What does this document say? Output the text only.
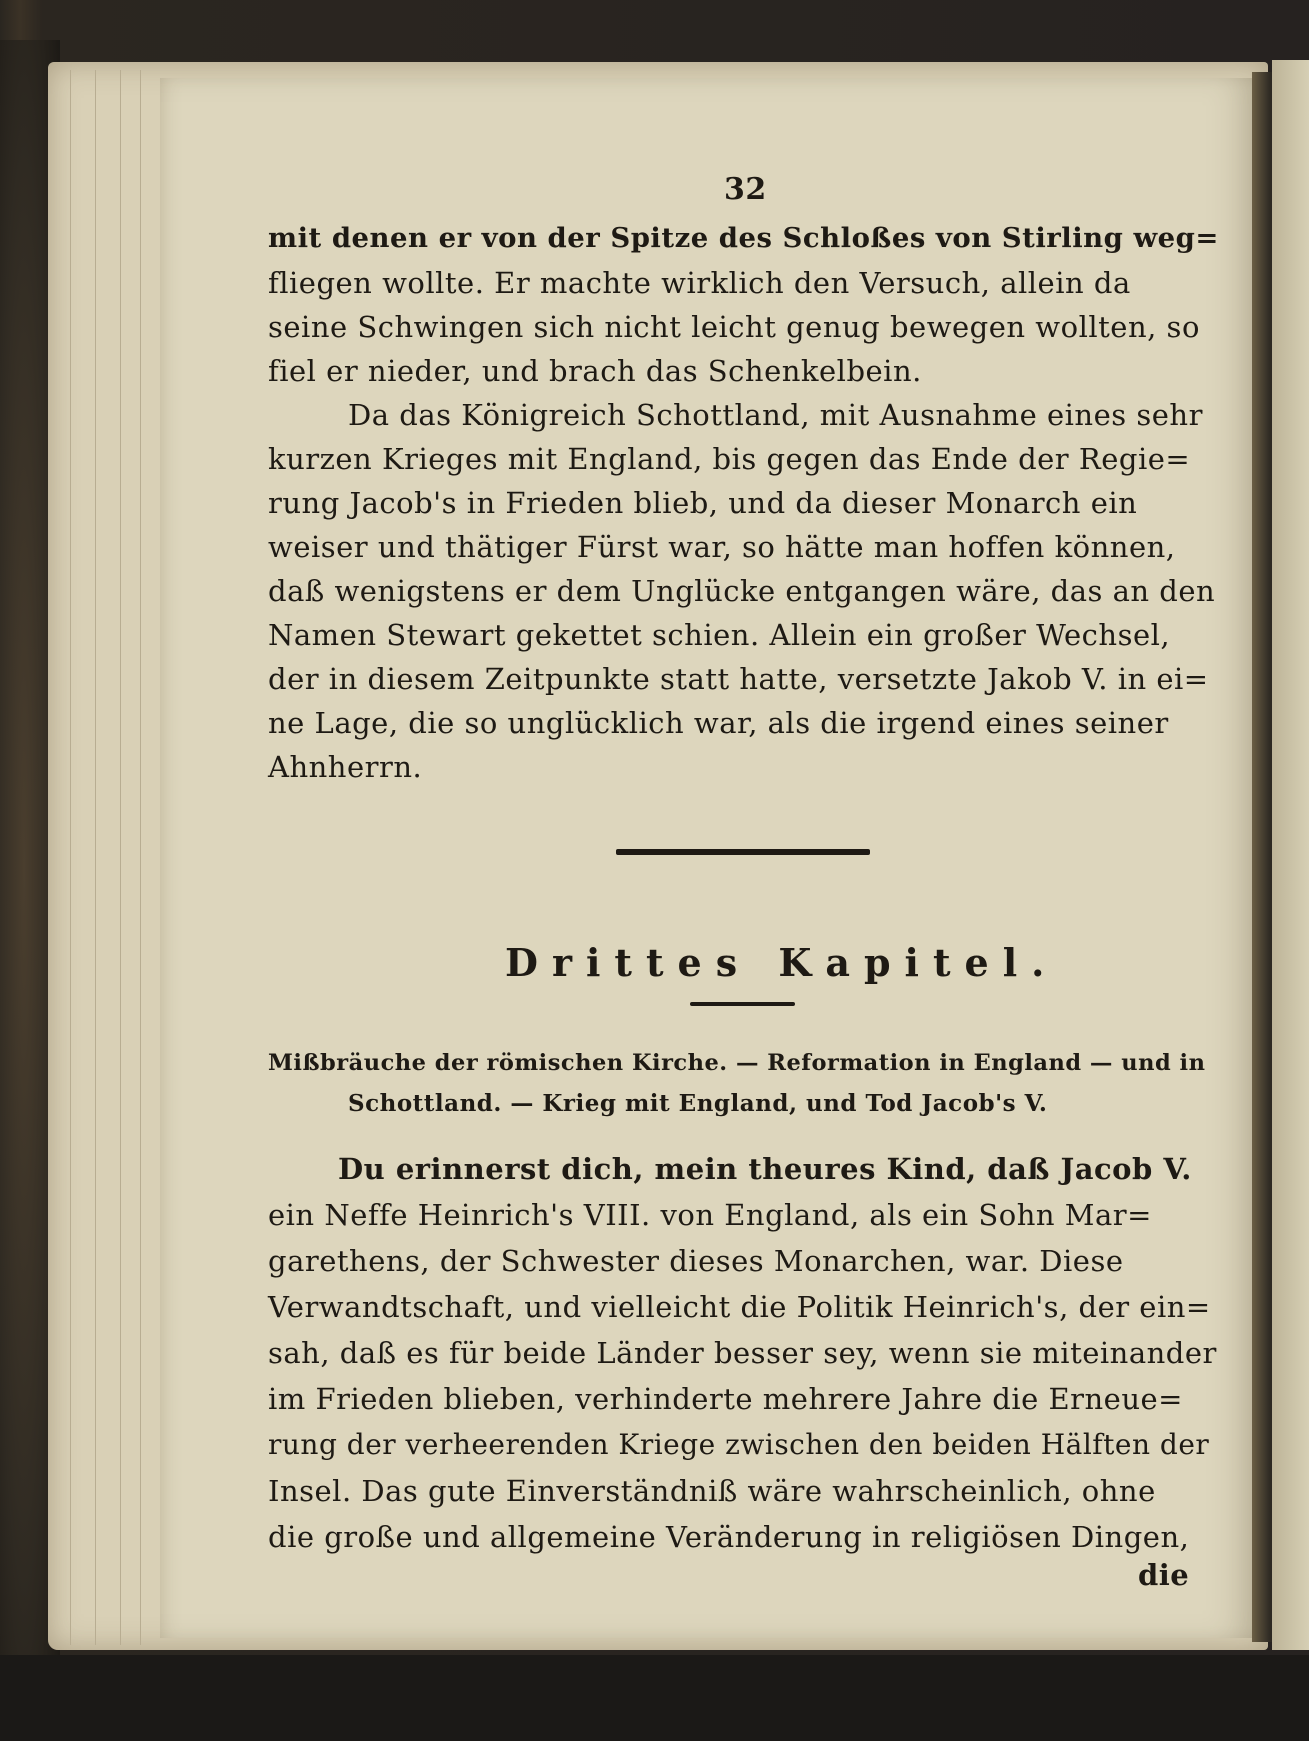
32
mit denen er von der Spitze des Schloßes von Stirling weg=
fliegen wollte. Er machte wirklich den Versuch, allein da
seine Schwingen sich nicht leicht genug bewegen wollten, so
fiel er nieder, und brach das Schenkelbein.
Da das Königreich Schottland, mit Ausnahme eines sehr
kurzen Krieges mit England, bis gegen das Ende der Regie=
rung Jacob's in Frieden blieb, und da dieser Monarch ein
weiser und thätiger Fürst war, so hätte man hoffen können,
daß wenigstens er dem Unglücke entgangen wäre, das an den
Namen Stewart gekettet schien. Allein ein großer Wechsel,
der in diesem Zeitpunkte statt hatte, versetzte Jakob V. in ei=
ne Lage, die so unglücklich war, als die irgend eines seiner
Ahnherrn.
Drittes Kapitel.
Mißbräuche der römischen Kirche. — Reformation in England — und in
Schottland. — Krieg mit England, und Tod Jacob's V.
Du erinnerst dich, mein theures Kind, daß Jacob V.
ein Neffe Heinrich's VIII. von England, als ein Sohn Mar=
garethens, der Schwester dieses Monarchen, war. Diese
Verwandtschaft, und vielleicht die Politik Heinrich's, der ein=
sah, daß es für beide Länder besser sey, wenn sie miteinander
im Frieden blieben, verhinderte mehrere Jahre die Erneue=
rung der verheerenden Kriege zwischen den beiden Hälften der
Insel. Das gute Einverständniß wäre wahrscheinlich, ohne
die große und allgemeine Veränderung in religiösen Dingen,
die
